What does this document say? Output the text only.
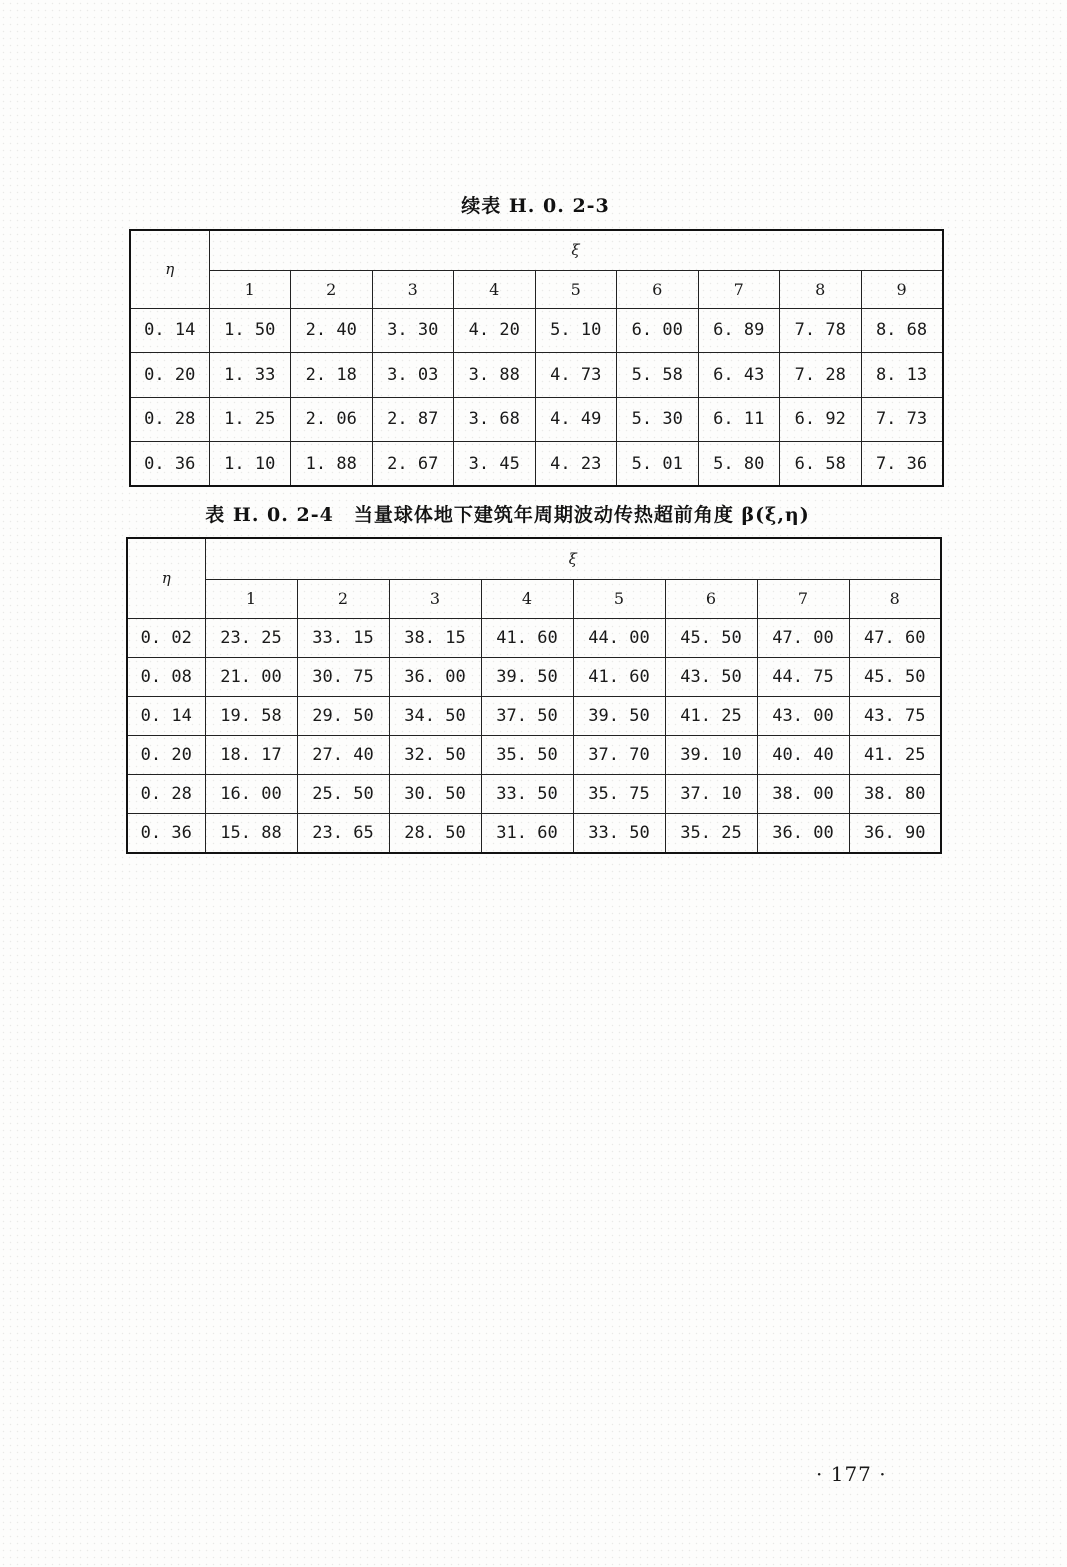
续表 H. 0. 2-3
η	ξ								
	1	2	3	4	5	6	7	8	9
0. 14	1. 50	2. 40	3. 30	4. 20	5. 10	6. 00	6. 89	7. 78	8. 68
0. 20	1. 33	2. 18	3. 03	3. 88	4. 73	5. 58	6. 43	7. 28	8. 13
0. 28	1. 25	2. 06	2. 87	3. 68	4. 49	5. 30	6. 11	6. 92	7. 73
0. 36	1. 10	1. 88	2. 67	3. 45	4. 23	5. 01	5. 80	6. 58	7. 36
表 H. 0. 2-4　当量球体地下建筑年周期波动传热超前角度 β(ξ,η)
η	ξ							
	1	2	3	4	5	6	7	8
0. 02	23. 25	33. 15	38. 15	41. 60	44. 00	45. 50	47. 00	47. 60
0. 08	21. 00	30. 75	36. 00	39. 50	41. 60	43. 50	44. 75	45. 50
0. 14	19. 58	29. 50	34. 50	37. 50	39. 50	41. 25	43. 00	43. 75
0. 20	18. 17	27. 40	32. 50	35. 50	37. 70	39. 10	40. 40	41. 25
0. 28	16. 00	25. 50	30. 50	33. 50	35. 75	37. 10	38. 00	38. 80
0. 36	15. 88	23. 65	28. 50	31. 60	33. 50	35. 25	36. 00	36. 90
· 177 ·
